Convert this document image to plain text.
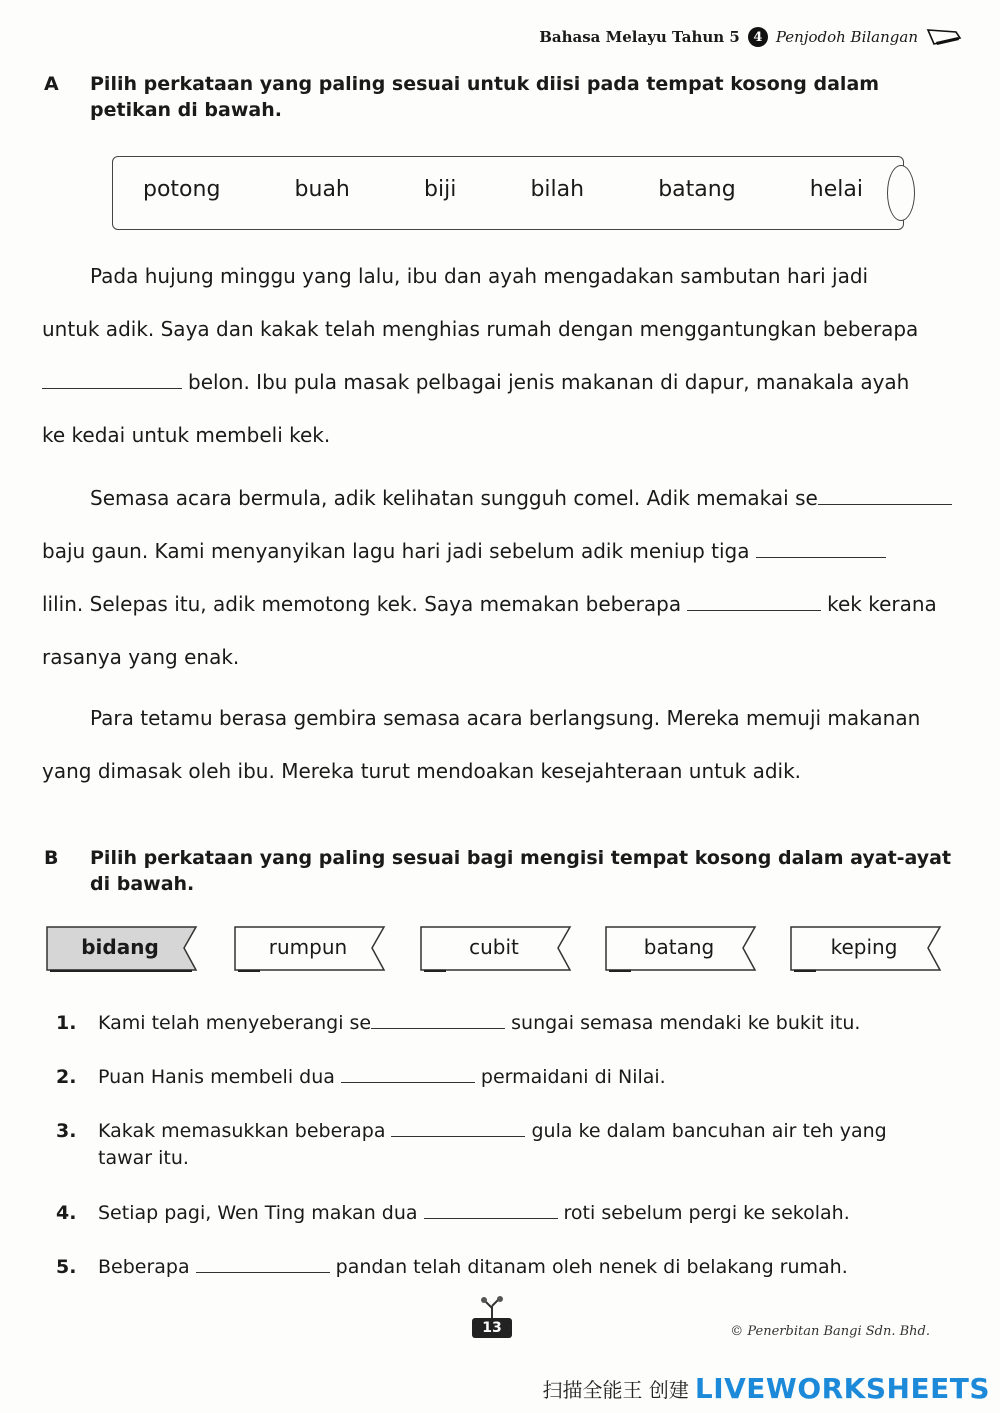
Bahasa Melayu Tahun 5	4 Penjodoh Bilangan
A	Pilih perkataan yang paling sesuai untuk diisi pada tempat kosong dalam petikan di bawah.
potong	buah	biji	bilah	batang	helai
Pada hujung minggu yang lalu, ibu dan ayah mengadakan sambutan hari jadi
untuk adik. Saya dan kakak telah menghias rumah dengan menggantungkan beberapa
belon. Ibu pula masak pelbagai jenis makanan di dapur, manakala ayah
ke kedai untuk membeli kek.
Semasa acara bermula, adik kelihatan sungguh comel. Adik memakai se
baju gaun. Kami menyanyikan lagu hari jadi sebelum adik meniup tiga
lilin. Selepas itu, adik memotong kek. Saya memakan beberapa	kek kerana
rasanya yang enak.
Para tetamu berasa gembira semasa acara berlangsung. Mereka memuji makanan
yang dimasak oleh ibu. Mereka turut mendoakan kesejahteraan untuk adik.
B	Pilih perkataan yang paling sesuai bagi mengisi tempat kosong dalam ayat-ayat di bawah.
bidang	rumpun	cubit	batang	keping
1.	Kami telah menyeberangi se	sungai semasa mendaki ke bukit itu.
2.	Puan Hanis membeli dua	permaidani di Nilai.
3.	Kakak memasukkan beberapa	gula ke dalam bancuhan air teh yang
tawar itu.
4.	Setiap pagi, Wen Ting makan dua	roti sebelum pergi ke sekolah.
5.	Beberapa	pandan telah ditanam oleh nenek di belakang rumah.
13	© Penerbitan Bangi Sdn. Bhd.
扫描全能王 创建 LIVEWORKSHEETS
